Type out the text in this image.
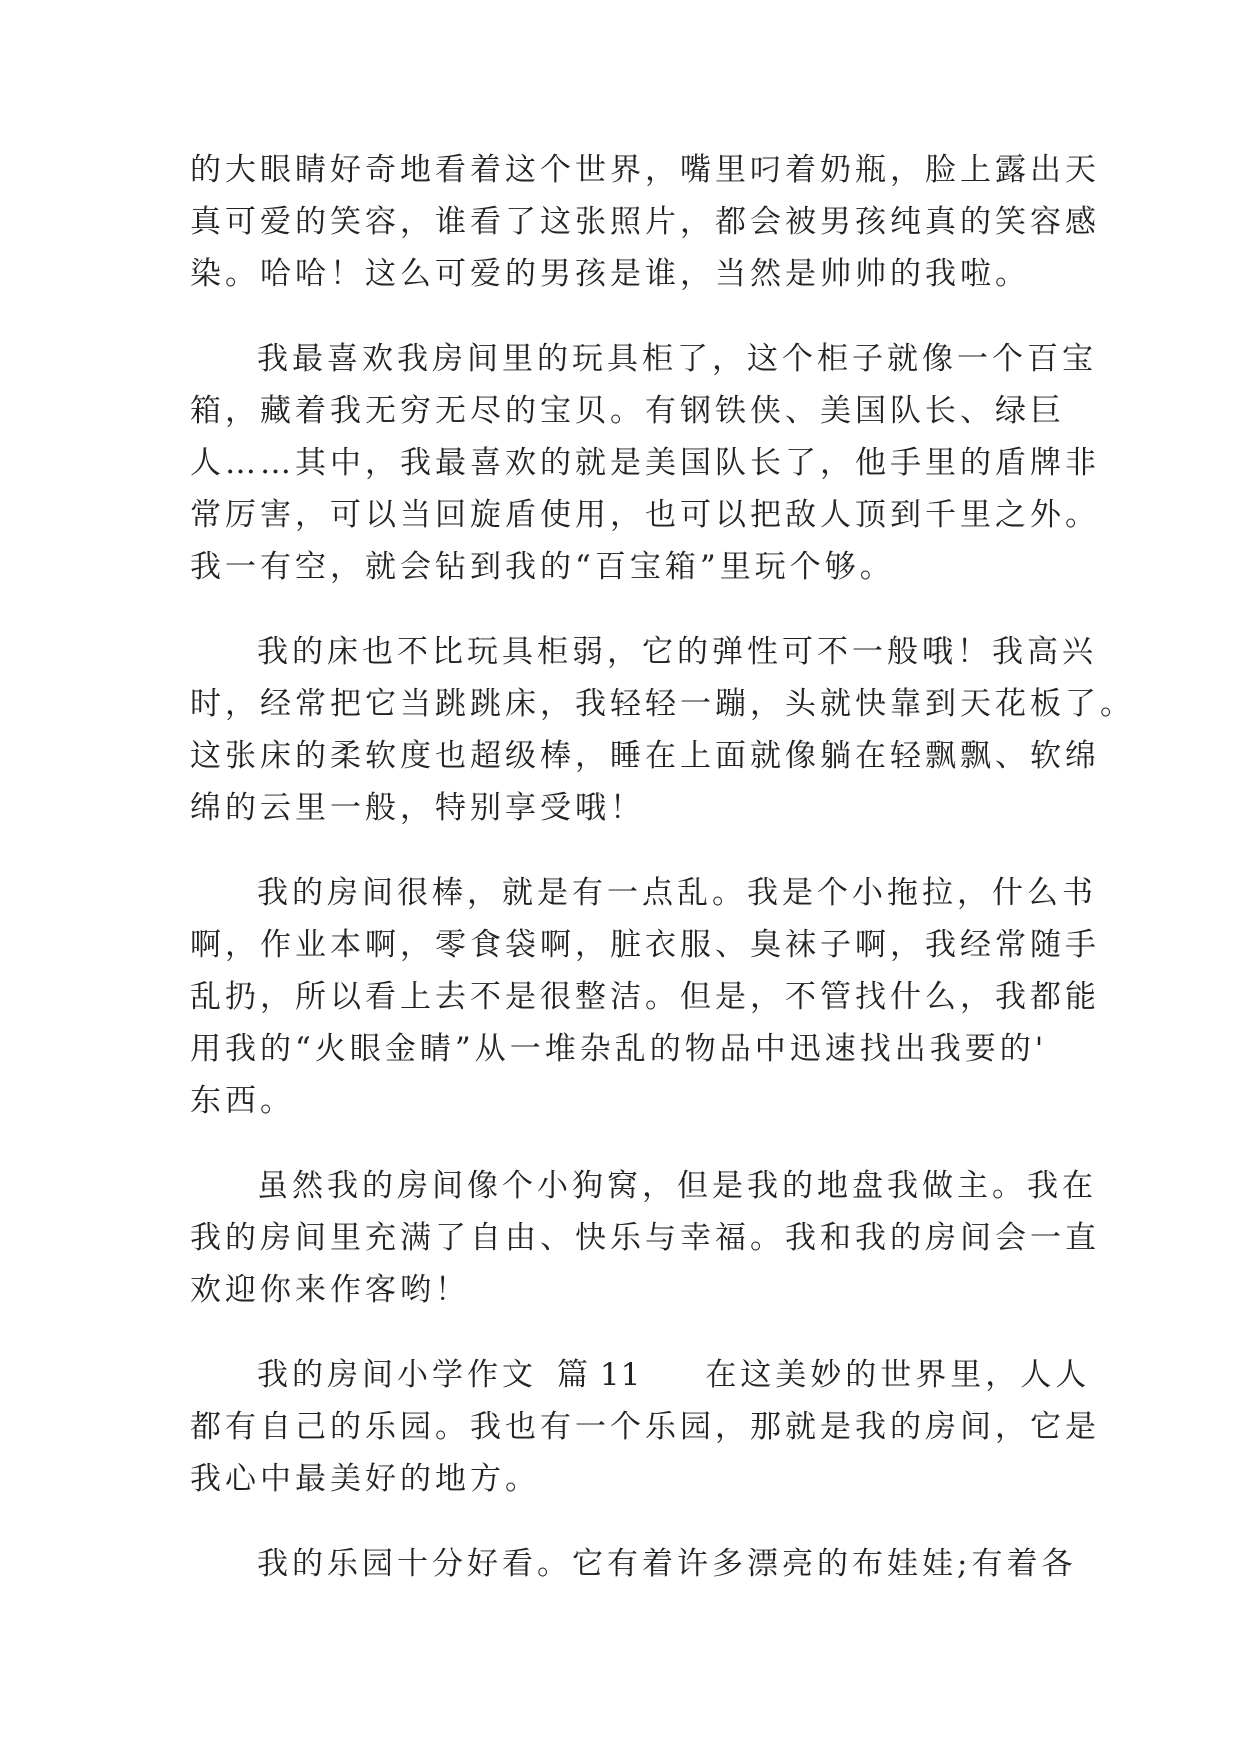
的大眼睛好奇地看着这个世界，嘴里叼着奶瓶，脸上露出天
真可爱的笑容，谁看了这张照片，都会被男孩纯真的笑容感
染。哈哈！这么可爱的男孩是谁，当然是帅帅的我啦。
我最喜欢我房间里的玩具柜了，这个柜子就像一个百宝
箱，藏着我无穷无尽的宝贝。有钢铁侠、美国队长、绿巨
人……其中，我最喜欢的就是美国队长了，他手里的盾牌非
常厉害，可以当回旋盾使用，也可以把敌人顶到千里之外。
我一有空，就会钻到我的“百宝箱”里玩个够。
我的床也不比玩具柜弱，它的弹性可不一般哦！我高兴
时，经常把它当跳跳床，我轻轻一蹦，头就快靠到天花板了。
这张床的柔软度也超级棒，睡在上面就像躺在轻飘飘、软绵
绵的云里一般，特别享受哦！
我的房间很棒，就是有一点乱。我是个小拖拉，什么书
啊，作业本啊，零食袋啊，脏衣服、臭袜子啊，我经常随手
乱扔，所以看上去不是很整洁。但是，不管找什么，我都能
用我的“火眼金睛”从一堆杂乱的物品中迅速找出我要的'
东西。
虽然我的房间像个小狗窝，但是我的地盘我做主。我在
我的房间里充满了自由、快乐与幸福。我和我的房间会一直
欢迎你来作客哟！
我的房间小学作文 篇 11 在这美妙的世界里，人人
都有自己的乐园。我也有一个乐园，那就是我的房间，它是
我心中最美好的地方。
我的乐园十分好看。它有着许多漂亮的布娃娃;有着各
